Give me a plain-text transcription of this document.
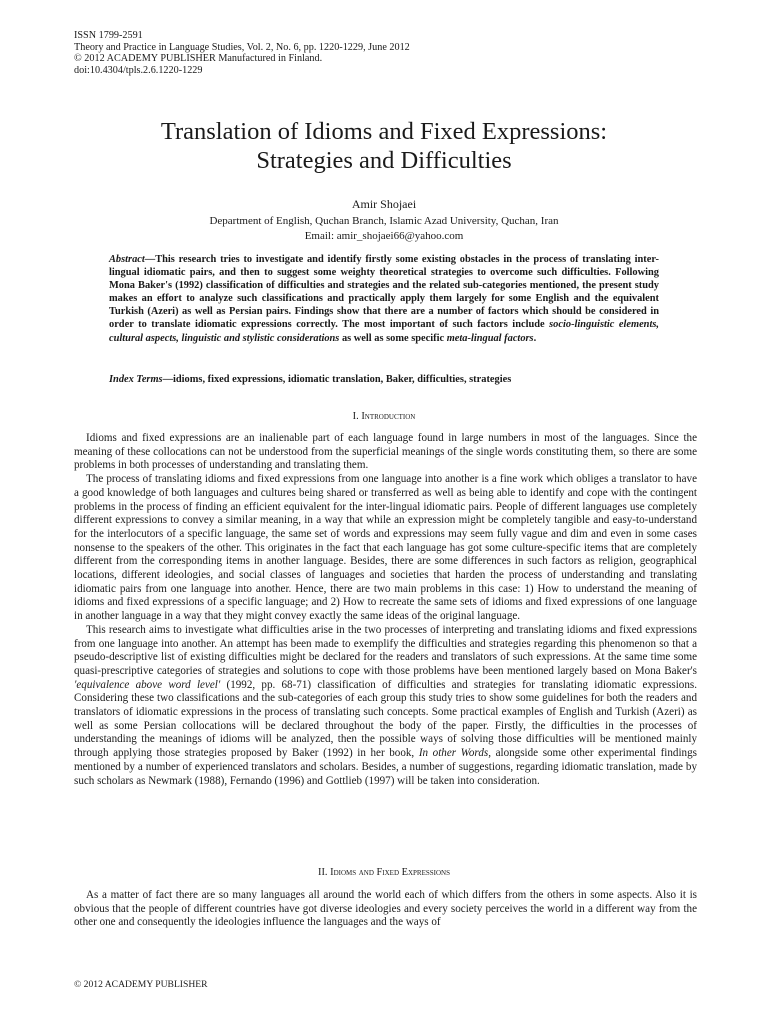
ISSN 1799-2591
Theory and Practice in Language Studies, Vol. 2, No. 6, pp. 1220-1229, June 2012
© 2012 ACADEMY PUBLISHER Manufactured in Finland.
doi:10.4304/tpls.2.6.1220-1229
Translation of Idioms and Fixed Expressions:
Strategies and Difficulties
Amir Shojaei
Department of English, Quchan Branch, Islamic Azad University, Quchan, Iran
Email: amir_shojaei66@yahoo.com
Abstract—This research tries to investigate and identify firstly some existing obstacles in the process of translating inter-lingual idiomatic pairs, and then to suggest some weighty theoretical strategies to overcome such difficulties. Following Mona Baker's (1992) classification of difficulties and strategies and the related sub-categories mentioned, the present study makes an effort to analyze such classifications and practically apply them largely for some English and the equivalent Turkish (Azeri) as well as Persian pairs. Findings show that there are a number of factors which should be considered in order to translate idiomatic expressions correctly. The most important of such factors include socio-linguistic elements, cultural aspects, linguistic and stylistic considerations as well as some specific meta-lingual factors.
Index Terms—idioms, fixed expressions, idiomatic translation, Baker, difficulties, strategies
I. Introduction

Idioms and fixed expressions are an inalienable part of each language found in large numbers in most of the languages. Since the meaning of these collocations can not be understood from the superficial meanings of the single words constituting them, so there are some problems in both processes of understanding and translating them.

The process of translating idioms and fixed expressions from one language into another is a fine work which obliges a translator to have a good knowledge of both languages and cultures being shared or transferred as well as being able to identify and cope with the contingent problems in the process of finding an efficient equivalent for the inter-lingual idiomatic pairs. People of different languages use completely different expressions to convey a similar meaning, in a way that while an expression might be completely tangible and easy-to-understand for the interlocutors of a specific language, the same set of words and expressions may seem fully vague and dim and even in some cases nonsense to the speakers of the other. This originates in the fact that each language has got some culture-specific items that are completely different from the corresponding items in another language. Besides, there are some differences in such factors as religion, geographical locations, different ideologies, and social classes of languages and societies that harden the process of understanding and translating idiomatic pairs from one language into another. Hence, there are two main problems in this case: 1) How to understand the meaning of idioms and fixed expressions of a specific language; and 2) How to recreate the same sets of idioms and fixed expressions of one language in another language in a way that they might convey exactly the same ideas of the original language.

This research aims to investigate what difficulties arise in the two processes of interpreting and translating idioms and fixed expressions from one language into another. An attempt has been made to exemplify the difficulties and strategies regarding this phenomenon so that a pseudo-descriptive list of existing difficulties might be declared for the readers and translators of such expressions. At the same time some quasi-prescriptive categories of strategies and solutions to cope with those problems have been mentioned largely based on Mona Baker's 'equivalence above word level' (1992, pp. 68-71) classification of difficulties and strategies for translating idiomatic expressions. Considering these two classifications and the sub-categories of each group this study tries to show some guidelines for both the readers and translators of idiomatic expressions in the process of translating such concepts. Some practical examples of English and Turkish (Azeri) as well as some Persian collocations will be declared throughout the body of the paper. Firstly, the difficulties in the processes of understanding the meanings of idioms will be analyzed, then the possible ways of solving those difficulties will be mentioned mainly through applying those strategies proposed by Baker (1992) in her book, In other Words, alongside some other experimental findings mentioned by a number of experienced translators and scholars. Besides, a number of suggestions, regarding idiomatic translation, made by such scholars as Newmark (1988), Fernando (1996) and Gottlieb (1997) will be taken into consideration.

II. Idioms and Fixed Expressions

As a matter of fact there are so many languages all around the world each of which differs from the others in some aspects. Also it is obvious that the people of different countries have got diverse ideologies and every society perceives the world in a different way from the other one and consequently the ideologies influence the languages and the ways of

© 2012 ACADEMY PUBLISHER
